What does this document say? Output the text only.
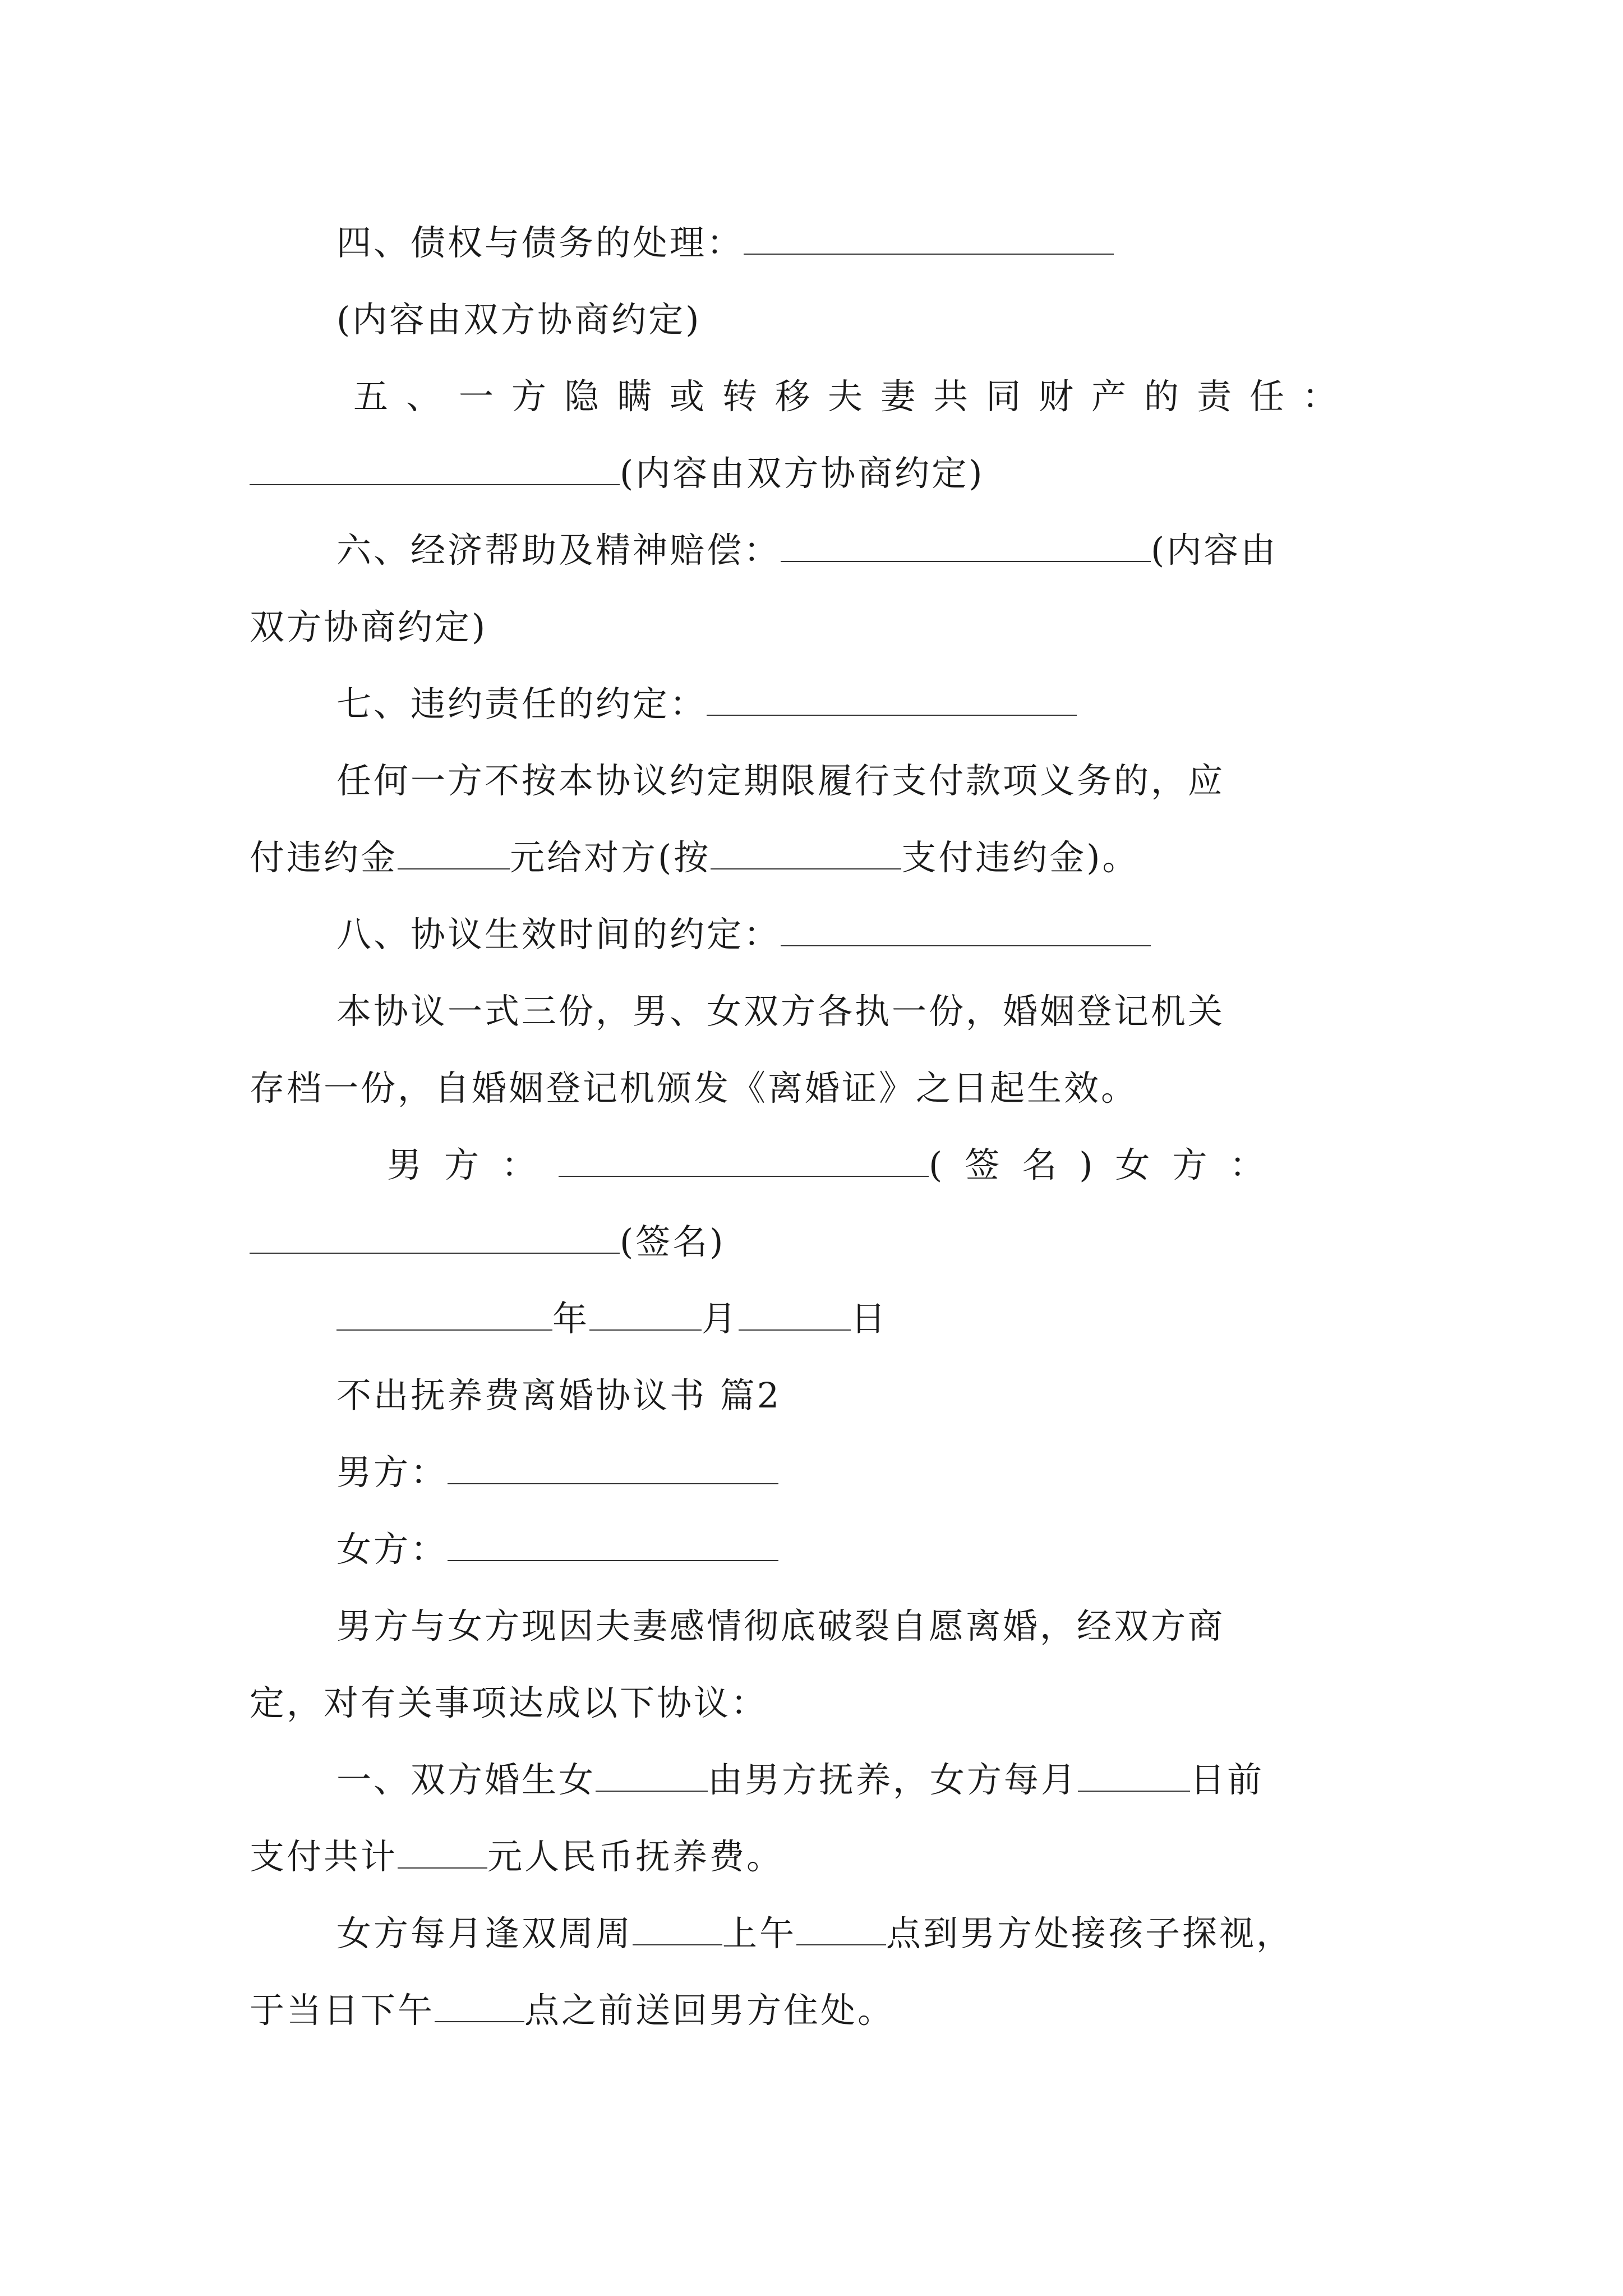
四、债权与债务的处理：
(内容由双方协商约定)
五、一方隐瞒或转移夫妻共同财产的责任：
(内容由双方协商约定)
六、经济帮助及精神赔偿：	(内容由
双方协商约定)
七、违约责任的约定：
任何一方不按本协议约定期限履行支付款项义务的，应
付违约金	元给对方(按	支付违约金)。
八、协议生效时间的约定：
本协议一式三份，男、女双方各执一份，婚姻登记机关
存档一份，自婚姻登记机颁发《离婚证》之日起生效。
男方：	(签名)女方：
(签名)
年	月	日
不出抚养费离婚协议书 篇2
男方：
女方：
男方与女方现因夫妻感情彻底破裂自愿离婚，经双方商
定，对有关事项达成以下协议：
一、双方婚生女	由男方抚养，女方每月	日前
支付共计	元人民币抚养费。
女方每月逢双周周	上午	点到男方处接孩子探视，
于当日下午	点之前送回男方住处。
